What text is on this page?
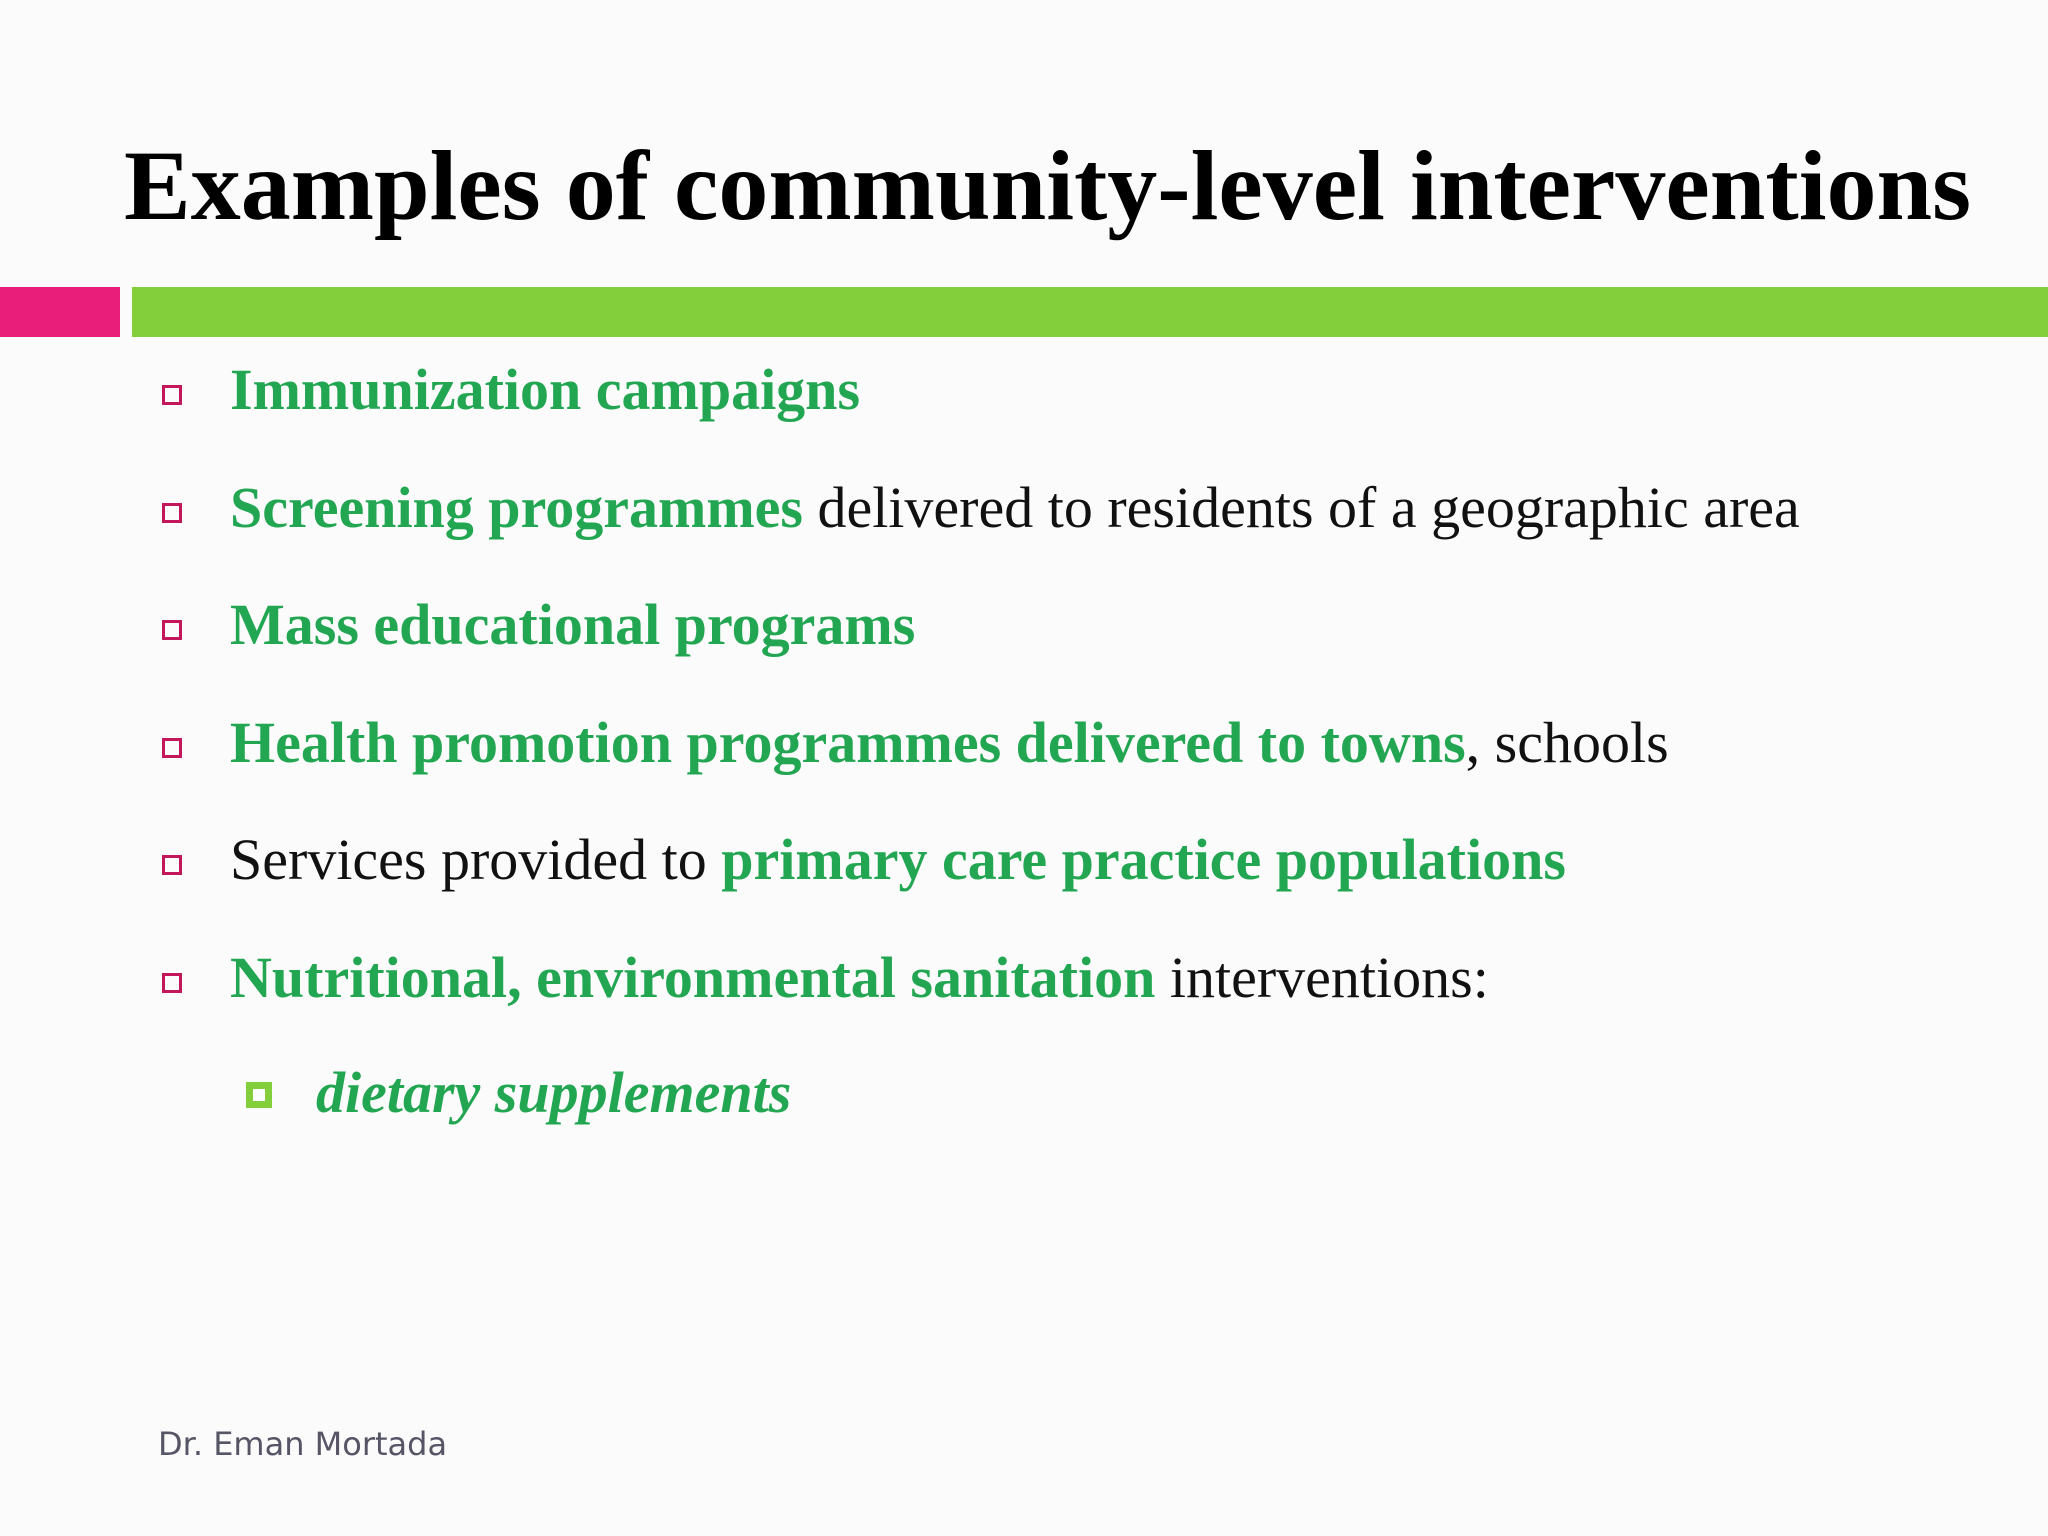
Examples of community-level interventions
Immunization campaigns
Screening programmes delivered to residents of a geographic area
Mass educational programs
Health promotion programmes delivered to towns, schools
Services provided to primary care practice populations
Nutritional, environmental sanitation interventions:
dietary supplements
Dr. Eman Mortada
